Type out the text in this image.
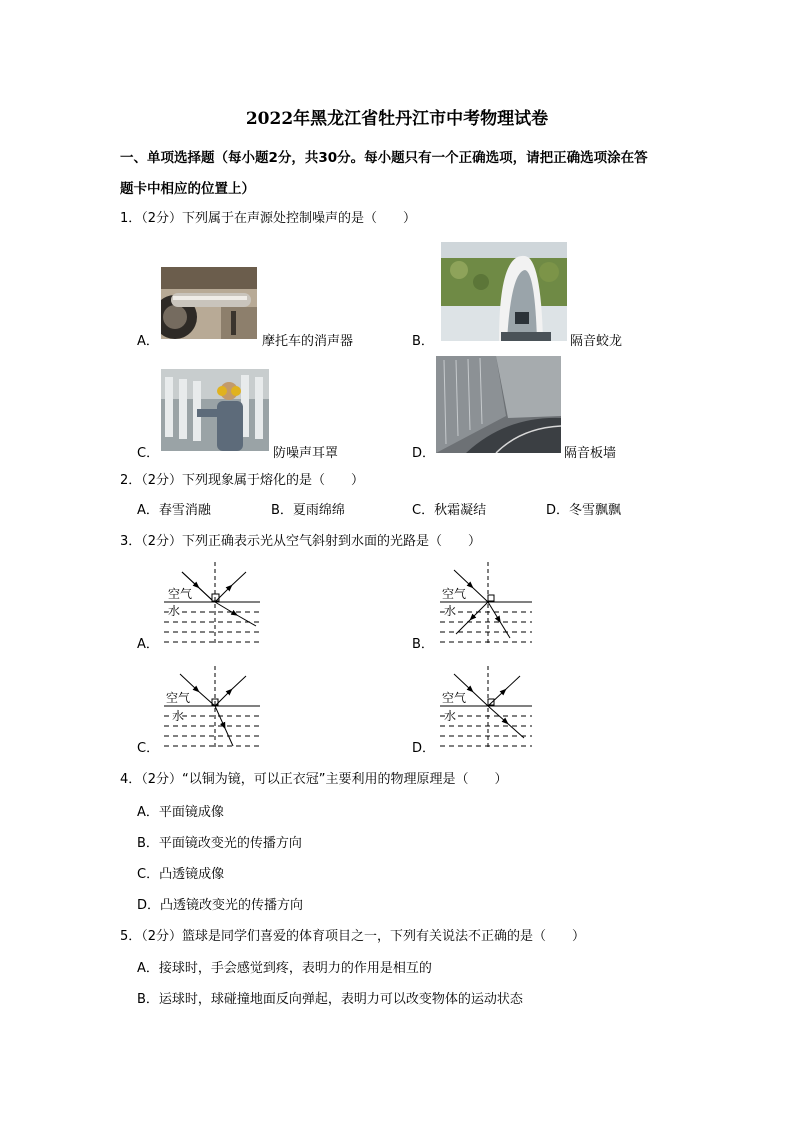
2022年黑龙江省牡丹江市中考物理试卷
一、单项选择题（每小题2分，共30分。每小题只有一个正确选项，请把正确选项涂在答
题卡中相应的位置上）
1．（2分）下列属于在声源处控制噪声的是（　　）
A．	摩托车的消声器	B．	隔音蛟龙
C．	防噪声耳罩	D．	隔音板墙
2．（2分）下列现象属于熔化的是（　　）
A．春雪消融	B．夏雨绵绵	C．秋霜凝结	D．冬雪飘飘
3．（2分）下列正确表示光从空气斜射到水面的光路是（　　）
A．
空气
水
B．
空气
水
C．
空气
水
D．
空气
水
4．（2分）“以铜为镜，可以正衣冠”主要利用的物理原理是（　　）
A．平面镜成像
B．平面镜改变光的传播方向
C．凸透镜成像
D．凸透镜改变光的传播方向
5．（2分）篮球是同学们喜爱的体育项目之一，下列有关说法不正确的是（　　）
A．接球时，手会感觉到疼，表明力的作用是相互的
B．运球时，球碰撞地面反向弹起，表明力可以改变物体的运动状态
